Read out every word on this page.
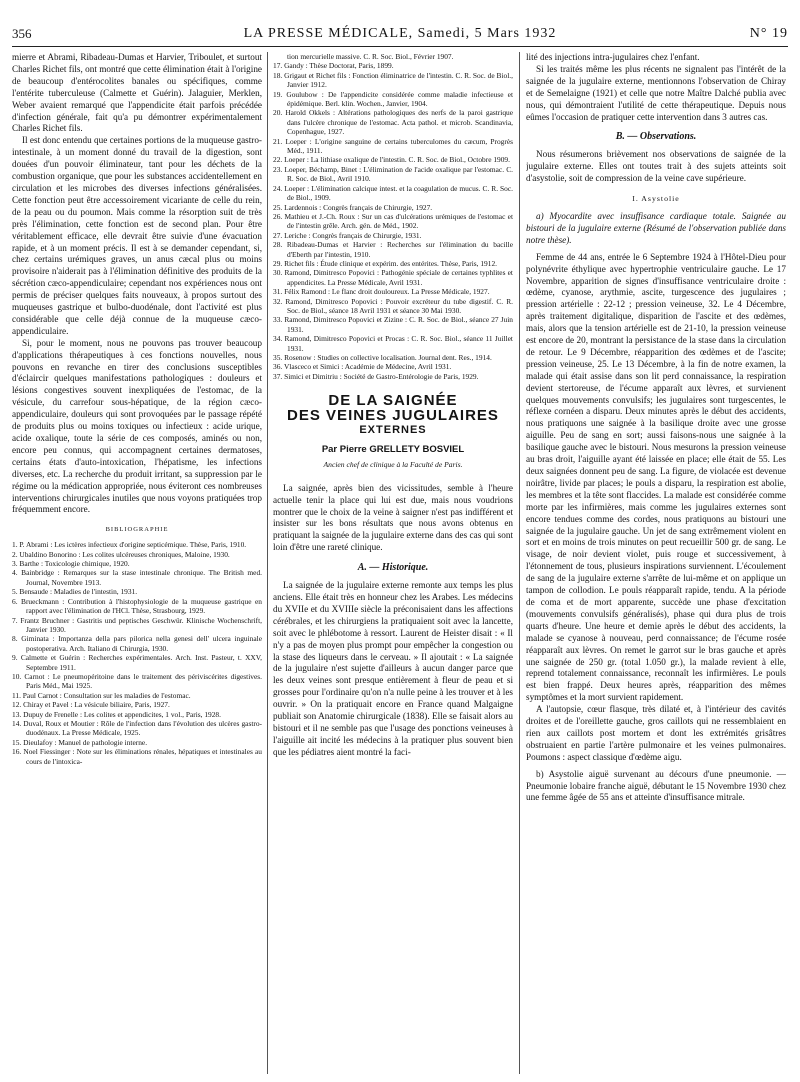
356	LA PRESSE MÉDICALE, Samedi, 5 Mars 1932	N° 19

mierre et Abrami, Ribadeau-Dumas et Harvier, Triboulet, et surtout Charles Richet fils, ont montré que cette élimination était à l'origine de beaucoup d'entérocolites banales ou spécifiques, comme l'entérite tuberculeuse (Calmette et Guérin). Jalaguier, Merklen, Weber avaient remarqué que l'appendicite était parfois précédée d'infection générale, fait qu'a pu démontrer expérimentalement Charles Richet fils.

Il est donc entendu que certaines portions de la muqueuse gastro-intestinale, à un moment donné du travail de la digestion, sont douées d'un pouvoir éliminateur, tant pour les déchets de la combustion organique, que pour les substances accidentellement en circulation et les microbes des diverses infections généralisées. Cette fonction peut être accessoirement vicariante de celle du rein, de la peau ou du poumon. Mais comme la résorption suit de très près l'élimination, cette fonction est de second plan. Pour être véritablement efficace, elle devrait être suivie d'une évacuation rapide, et à un moment précis. Il est à se demander cependant, si, chez certains urémiques graves, un anus cæcal plus ou moins provisoire n'aiderait pas à l'élimination définitive des produits de la sécrétion cæco-appendiculaire; cependant nos expériences nous ont permis de préciser quelques faits nouveaux, à propos surtout des muqueuses gastrique et bulbo-duodénale, dont l'activité est plus considérable que celle déjà connue de la muqueuse cæco-appendiculaire.

Si, pour le moment, nous ne pouvons pas trouver beaucoup d'applications thérapeutiques à ces fonctions nouvelles, nous pouvons en revanche en tirer des conclusions susceptibles d'éclaircir quelques manifestations pathologiques : douleurs et lésions congestives souvent inexpliquées de l'estomac, de la vésicule, du carrefour sous-hépatique, de la région cæco-appendiculaire, douleurs qui sont provoquées par le passage répété de produits plus ou moins toxiques ou infectieux : acide urique, acide oxalique, toute la série de ces composés, aminés ou non, encore peu connus, qui accompagnent certaines dermatoses, certains états d'auto-intoxication, l'hépatisme, les infections diverses, etc. La recherche du produit irritant, sa suppression par le régime ou la médication appropriée, nous éviteront ces nombreuses interventions chirurgicales inutiles que nous voyons pratiquées trop fréquemment encore.

BIBLIOGRAPHIE
1. P. Abrami : Les ictères infectieux d'origine septicémique. Thèse, Paris, 1910.
2. Ubaldino Bonorino : Les colites ulcéreuses chroniques, Maloine, 1930.
3. Barthe : Toxicologie chimique, 1920.
4. Bainbridge : Remarques sur la stase intestinale chronique. The British med. Journal, Novembre 1913.
5. Bensaude : Maladies de l'intestin, 1931.
6. Brueckmann : Contribution à l'histophysiologie de la muqueuse gastrique en rapport avec l'élimination de l'HCl. Thèse, Strasbourg, 1929.
7. Frantz Bruchner : Gastritis und peptisches Geschwür. Klinische Wochenschrift, Janvier 1930.
8. Giminata : Importanza della pars pilorica nella genesi dell' ulcera inguinale postoperativa. Arch. Italiano di Chirurgia, 1930.
9. Calmette et Guérin : Recherches expérimentales. Arch. Inst. Pasteur, t. XXV, Septembre 1911.
10. Carnot : Le pneumopéritoine dans le traitement des périviscérites digestives. Paris Méd., Mai 1925.
11. Paul Carnot : Consultation sur les maladies de l'estomac.
12. Chiray et Pavel : La vésicule biliaire, Paris, 1927.
13. Dupuy de Frenelle : Les colites et appendicites, 1 vol., Paris, 1928.
14. Duval, Roux et Moutier : Rôle de l'infection dans l'évolution des ulcères gastro-duodénaux. La Presse Médicale, 1925.
15. Dieulafoy : Manuel de pathologie interne.
16. Noel Fiessinger : Note sur les éliminations rénales, hépatiques et intestinales au cours de l'intoxica-
tion mercurielle massive. C. R. Soc. Biol., Février 1907.
17. Gandy : Thèse Doctorat, Paris, 1899.
18. Grigaut et Richet fils : Fonction éliminatrice de l'intestin. C. R. Soc. de Biol., Janvier 1912.
19. Goulubow : De l'appendicite considérée comme maladie infectieuse et épidémique. Berl. klin. Wochen., Janvier, 1904.
20. Harold Okkels : Altérations pathologiques des nerfs de la paroi gastrique dans l'ulcère chronique de l'estomac. Acta pathol. et microb. Scandinavia, Copenhague, 1927.
21. Loeper : L'origine sanguine de certains tuberculomes du cæcum, Progrès Méd., 1911.
22. Loeper : La lithiase oxalique de l'intestin. C. R. Soc. de Biol., Octobre 1909.
23. Loeper, Béchamp, Binet : L'élimination de l'acide oxalique par l'estomac. C. R. Soc. de Biol., Avril 1910.
24. Loeper : L'élimination calcique intest. et la coagulation de mucus. C. R. Soc. de Biol., 1909.
25. Lardennois : Congrès français de Chirurgie, 1927.
26. Mathieu et J.-Ch. Roux : Sur un cas d'ulcérations urémiques de l'estomac et de l'intestin grêle. Arch. gén. de Méd., 1902.
27. Leriche : Congrès français de Chirurgie, 1931.
28. Ribadeau-Dumas et Harvier : Recherches sur l'élimination du bacille d'Eberth par l'intestin, 1910.
29. Richet fils : Étude clinique et expérim. des entérites. Thèse, Paris, 1912.
30. Ramond, Dimitresco Popovici : Pathogénie spéciale de certaines typhlites et appendicites. La Presse Médicale, Avril 1931.
31. Félix Ramond : Le flanc droit douloureux. La Presse Médicale, 1927.
32. Ramond, Dimitresco Popovici : Pouvoir excréteur du tube digestif. C. R. Soc. de Biol., séance 18 Avril 1931 et séance 30 Mai 1930.
33. Ramond, Dimitresco Popovici et Zizine : C. R. Soc. de Biol., séance 27 Juin 1931.
34. Ramond, Dimitresco Popovici et Procas : C. R. Soc. Biol., séance 11 Juillet 1931.
35. Rosenow : Studies on collective localisation. Journal dent. Res., 1914.
36. Vlasceco et Simici : Académie de Médecine, Avril 1931.
37. Simici et Dimitriu : Société de Gastro-Entérologie de Paris, 1929.
DE LA SAIGNÉE
DES VEINES JUGULAIRES
EXTERNES
Par Pierre GRELLETY BOSVIEL
Ancien chef de clinique à la Faculté de Paris.

La saignée, après bien des vicissitudes, semble à l'heure actuelle tenir la place qui lui est due, mais nous voudrions montrer que le choix de la veine à saigner n'est pas indifférent et insister sur les bons résultats que nous avons obtenus en pratiquant la saignée de la jugulaire externe dans des cas qui sont loin d'être une rareté clinique.

A. — Historique.

La saignée de la jugulaire externe remonte aux temps les plus anciens. Elle était très en honneur chez les Arabes. Les médecins du XVIIe et du XVIIIe siècle la préconisaient dans les affections cérébrales, et les chirurgiens la pratiquaient soit avec la lancette, soit avec le phlébotome à ressort. Laurent de Heister disait : « Il n'y a pas de moyen plus prompt pour empêcher la congestion ou la stase des liqueurs dans le cerveau. » Il ajoutait : « La saignée de la jugulaire n'est sujette d'ailleurs à aucun danger parce que les deux veines sont presque entièrement à fleur de peau et si grosses pour l'ordinaire qu'on n'a nulle peine à les trouver et à les ouvrir. » On la pratiquait encore en France quand Malgaigne publiait son Anatomie chirurgicale (1838). Elle se faisait alors au bistouri et il ne semble pas que l'usage des ponctions veineuses à l'aiguille ait incité les médecins à la pratiquer plus souvent bien que les pédiatres aient montré la faci-

lité des injections intra-jugulaires chez l'enfant.

Si les traités même les plus récents ne signalent pas l'intérêt de la saignée de la jugulaire externe, mentionnons l'observation de Chiray et de Semelaigne (1921) et celle que notre Maître Dalché publia avec nous, qui démontraient l'utilité de cette thérapeutique. Depuis nous eûmes l'occasion de pratiquer cette intervention dans 3 autres cas.

B. — Observations.

Nous résumerons brièvement nos observations de saignée de la jugulaire externe. Elles ont toutes trait à des sujets atteints soit d'asystolie, soit de compression de la veine cave supérieure.

I. Asystolie

a) Myocardite avec insuffisance cardiaque totale. Saignée au bistouri de la jugulaire externe (Résumé de l'observation publiée dans notre thèse).

Femme de 44 ans, entrée le 6 Septembre 1924 à l'Hôtel-Dieu pour polynévrite éthylique avec hypertrophie ventriculaire gauche. Le 17 Novembre, apparition de signes d'insuffisance ventriculaire droite : œdème, cyanose, arythmie, ascite, turgescence des jugulaires ; pression artérielle : 22-12 ; pression veineuse, 32. Le 4 Décembre, après traitement digitalique, disparition de l'ascite et des œdèmes, mais, alors que la tension artérielle est de 21-10, la pression veineuse est encore de 20, montrant la persistance de la stase dans la circulation de retour. Le 9 Décembre, réapparition des œdèmes et de l'ascite; pression veineuse, 25. Le 13 Décembre, à la fin de notre examen, la malade qui était assise dans son lit perd connaissance, la respiration devient stertoreuse, de l'écume apparaît aux lèvres, et survienent quelques mouvements convulsifs; les jugulaires sont turgescentes, le réflexe cornéen a disparu. Deux minutes après le début des accidents, nous pratiquons une saignée à la basilique droite avec une grosse aiguille. Peu de sang en sort; aussi faisons-nous une saignée à la basilique gauche avec le bistouri. Nous mesurons la pression veineuse au bras droit, l'aiguille ayant été laissée en place; elle était de 55. Les deux saignées donnent peu de sang. La figure, de violacée est devenue noirâtre, livide par places; le pouls a disparu, la respiration est abolie, les membres et la tête sont flaccides. La malade est considérée comme morte par les infirmières, mais comme les jugulaires externes sont encore tendues comme des cordes, nous pratiquons au bistouri une saignée de la jugulaire gauche. Un jet de sang extrêmement violent en sort et en moins de trois minutes on peut recueillir 500 gr. de sang. Le visage, de noir devient violet, puis rouge et successivement, à l'étonnement de tous, plusieurs inspirations surviennent. L'écoulement de sang de la jugulaire externe s'arrête de lui-même et on applique un tampon de collodion. Le pouls réapparaît rapide, tendu. A la période de coma et de mort apparente, succède une phase d'excitation (mouvements convulsifs généralisés), phase qui dura plus de trois quarts d'heure. Une heure et demie après le début des accidents, la malade se cyanose à nouveau, perd connaissance; de l'écume rosée réapparaît aux lèvres. On remet le garrot sur le bras gauche et après une saignée de 250 gr. (total 1.050 gr.), la malade revient à elle, reprend totalement connaissance, reconnaît les infirmières. Le pouls est bien frappé. Deux heures après, réapparition des mêmes symptômes et la mort survient rapidement.

A l'autopsie, cœur flasque, très dilaté et, à l'intérieur des cavités droites et de l'oreillette gauche, gros caillots qui ne ressemblaient en rien aux caillots post mortem et dont les extrémités grisâtres obstruaient en partie l'artère pulmonaire et les veines pulmonaires. Poumons : aspect classique d'œdème aigu.

b) Asystolie aiguë survenant au décours d'une pneumonie. — Pneumonie lobaire franche aiguë, débutant le 15 Novembre 1930 chez une femme âgée de 55 ans et atteinte d'insuffisance mitrale.
